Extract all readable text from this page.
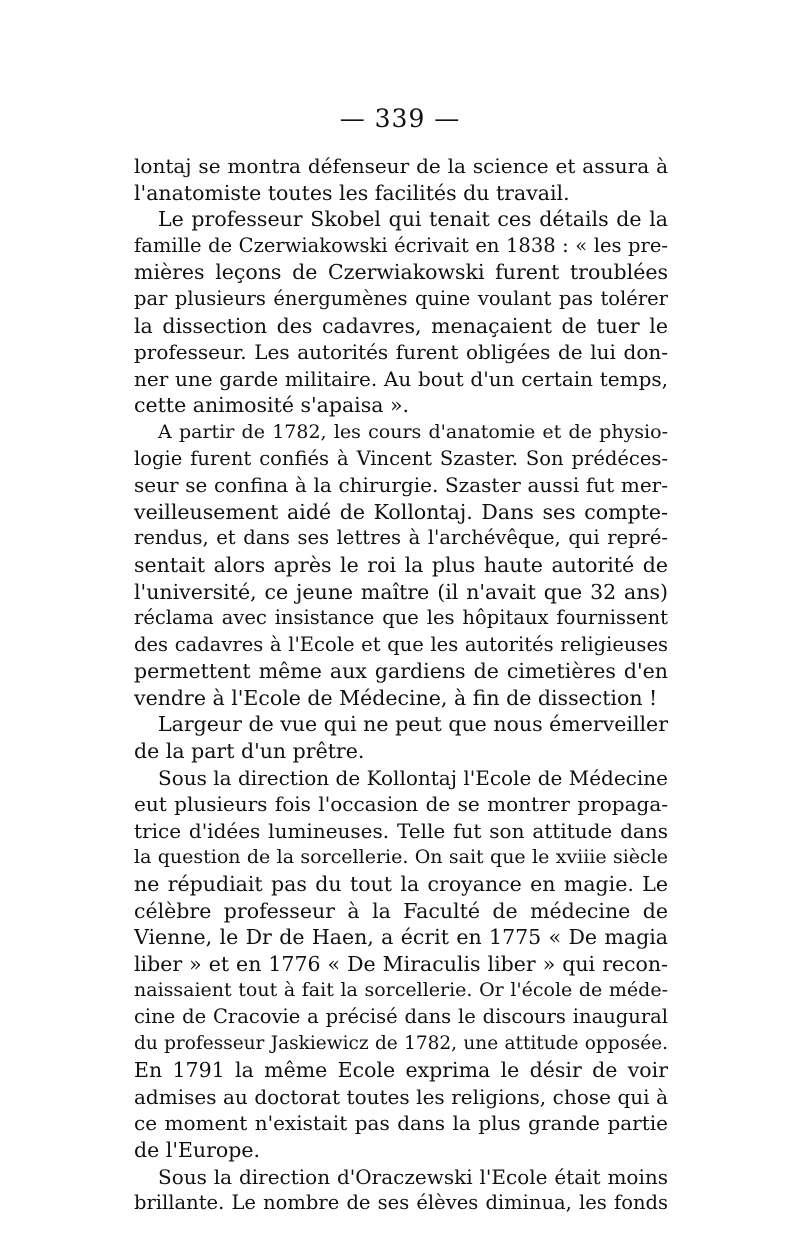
— 339 —
lontaj se montra défenseur de la science et assura à
l'anatomiste toutes les facilités du travail.
Le professeur Skobel qui tenait ces détails de la
famille de Czerwiakowski écrivait en 1838 : « les pre-
mières leçons de Czerwiakowski furent troublées
par plusieurs énergumènes quine voulant pas tolérer
la dissection des cadavres, menaçaient de tuer le
professeur. Les autorités furent obligées de lui don-
ner une garde militaire. Au bout d'un certain temps,
cette animosité s'apaisa ».
A partir de 1782, les cours d'anatomie et de physio-
logie furent confiés à Vincent Szaster. Son prédéces-
seur se confina à la chirurgie. Szaster aussi fut mer-
veilleusement aidé de Kollontaj. Dans ses compte-
rendus, et dans ses lettres à l'archévêque, qui repré-
sentait alors après le roi la plus haute autorité de
l'université, ce jeune maître (il n'avait que 32 ans)
réclama avec insistance que les hôpitaux fournissent
des cadavres à l'Ecole et que les autorités religieuses
permettent même aux gardiens de cimetières d'en
vendre à l'Ecole de Médecine, à fin de dissection !
Largeur de vue qui ne peut que nous émerveiller
de la part d'un prêtre.
Sous la direction de Kollontaj l'Ecole de Médecine
eut plusieurs fois l'occasion de se montrer propaga-
trice d'idées lumineuses. Telle fut son attitude dans
la question de la sorcellerie. On sait que le xviiie siècle
ne répudiait pas du tout la croyance en magie. Le
célèbre professeur à la Faculté de médecine de
Vienne, le Dr de Haen, a écrit en 1775 « De magia
liber » et en 1776 « De Miraculis liber » qui recon-
naissaient tout à fait la sorcellerie. Or l'école de méde-
cine de Cracovie a précisé dans le discours inaugural
du professeur Jaskiewicz de 1782, une attitude opposée.
En 1791 la même Ecole exprima le désir de voir
admises au doctorat toutes les religions, chose qui à
ce moment n'existait pas dans la plus grande partie
de l'Europe.
Sous la direction d'Oraczewski l'Ecole était moins
brillante. Le nombre de ses élèves diminua, les fonds
